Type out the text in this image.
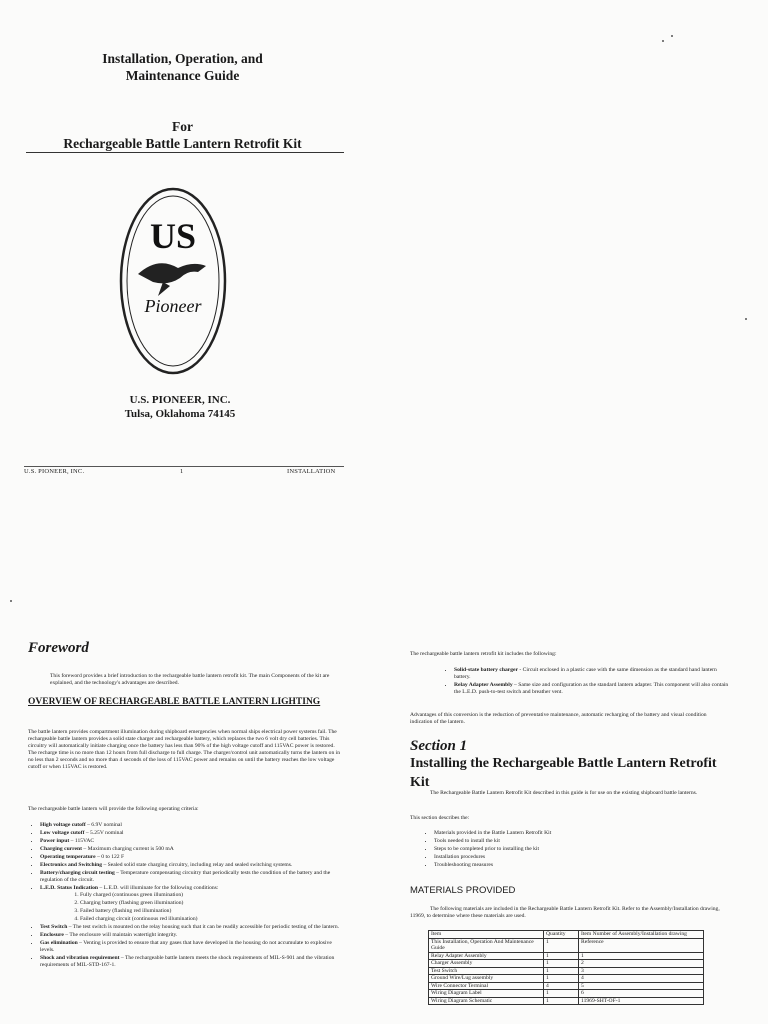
Installation, Operation, and
Maintenance Guide
For
Rechargeable Battle Lantern Retrofit Kit
US
Pioneer
U.S. PIONEER, INC.
Tulsa, Oklahoma 74145
U.S. PIONEER, INC.	1	INSTALLATION
Foreword
This foreword provides a brief introduction to the rechargeable battle lantern retrofit kit. The main Components of the kit are explained, and the technology's advantages are described.
OVERVIEW OF RECHARGEABLE BATTLE LANTERN LIGHTING
The battle lantern provides compartment illumination during shipboard emergencies when normal ships electrical power systems fail. The rechargeable battle lantern provides a solid state charger and rechargeable battery, which replaces the two 6 volt dry cell batteries. This circuitry will automatically initiate charging once the battery has less than 90% of the high voltage cutoff and 115VAC power is restored. The recharge time is no more than 12 hours from full discharge to full charge. The charger/control unit automatically turns the lantern on in no less than 2 seconds and no more than 4 seconds of the loss of 115VAC power and remains on until the battery reaches the low voltage cutoff or when 115VAC is restored.
The rechargeable battle lantern will provide the following operating criteria:
• High voltage cutoff – 6.9V nominal
• Low voltage cutoff – 5.25V nominal
• Power input – 115VAC
• Charging current – Maximum charging current is 500 mA
• Operating temperature – 0 to 122 F
• Electronics and Switching – Sealed solid state charging circuitry, including relay and sealed switching systems.
• Battery/charging circuit testing – Temperature compensating circuitry that periodically tests the condition of the battery and the regulation of the circuit.
• L.E.D. Status Indication – L.E.D. will illuminate for the following conditions:
1. Fully charged (continuous green illumination)
2. Charging battery (flashing green illumination)
3. Failed battery (flashing red illumination)
4. Failed charging circuit (continuous red illumination)
• Test Switch – The test switch is mounted on the relay housing such that it can be readily accessible for periodic testing of the lantern.
• Enclosure – The enclosure will maintain watertight integrity.
• Gas elimination – Venting is provided to ensure that any gases that have developed in the housing do not accumulate to explosive levels.
• Shock and vibration requirement – The rechargeable battle lantern meets the shock requirements of MIL-S-901 and the vibration requirements of MIL-STD-167-1.
The rechargeable battle lantern retrofit kit includes the following:
• Solid-state battery charger - Circuit enclosed in a plastic case with the same dimension as the standard hand lantern battery.
• Relay Adapter Assembly – Same size and configuration as the standard lantern adapter. This component will also contain the L.E.D. push-to-test switch and breather vent.
Advantages of this conversion is the reduction of preventative maintenance, automatic recharging of the battery and visual condition indication of the lantern.
Section 1
Installing the Rechargeable Battle Lantern Retrofit Kit
The Rechargeable Battle Lantern Retrofit Kit described in this guide is for use on the existing shipboard battle lanterns.
This section describes the:
• Materials provided in the Battle Lantern Retrofit Kit
• Tools needed to install the kit
• Steps to be completed prior to installing the kit
• Installation procedures
• Troubleshooting measures
MATERIALS PROVIDED
The following materials are included in the Rechargeable Battle Lantern Retrofit Kit. Refer to the Assembly/Installation drawing, 11969, to determine where these materials are used.
Item	Quantity	Item Number of Assembly/Installation drawing
This Installation, Operation And Maintenance Guide	1	Reference
Relay Adapter Assembly	1	1
Charger Assembly	1	2
Test Switch	1	3
Ground Wire/Lug assembly	1	4
Wire Connector Terminal	4	5
Wiring Diagram Label	1	6
Wiring Diagram Schematic	1	11969-SHT-OF-1
